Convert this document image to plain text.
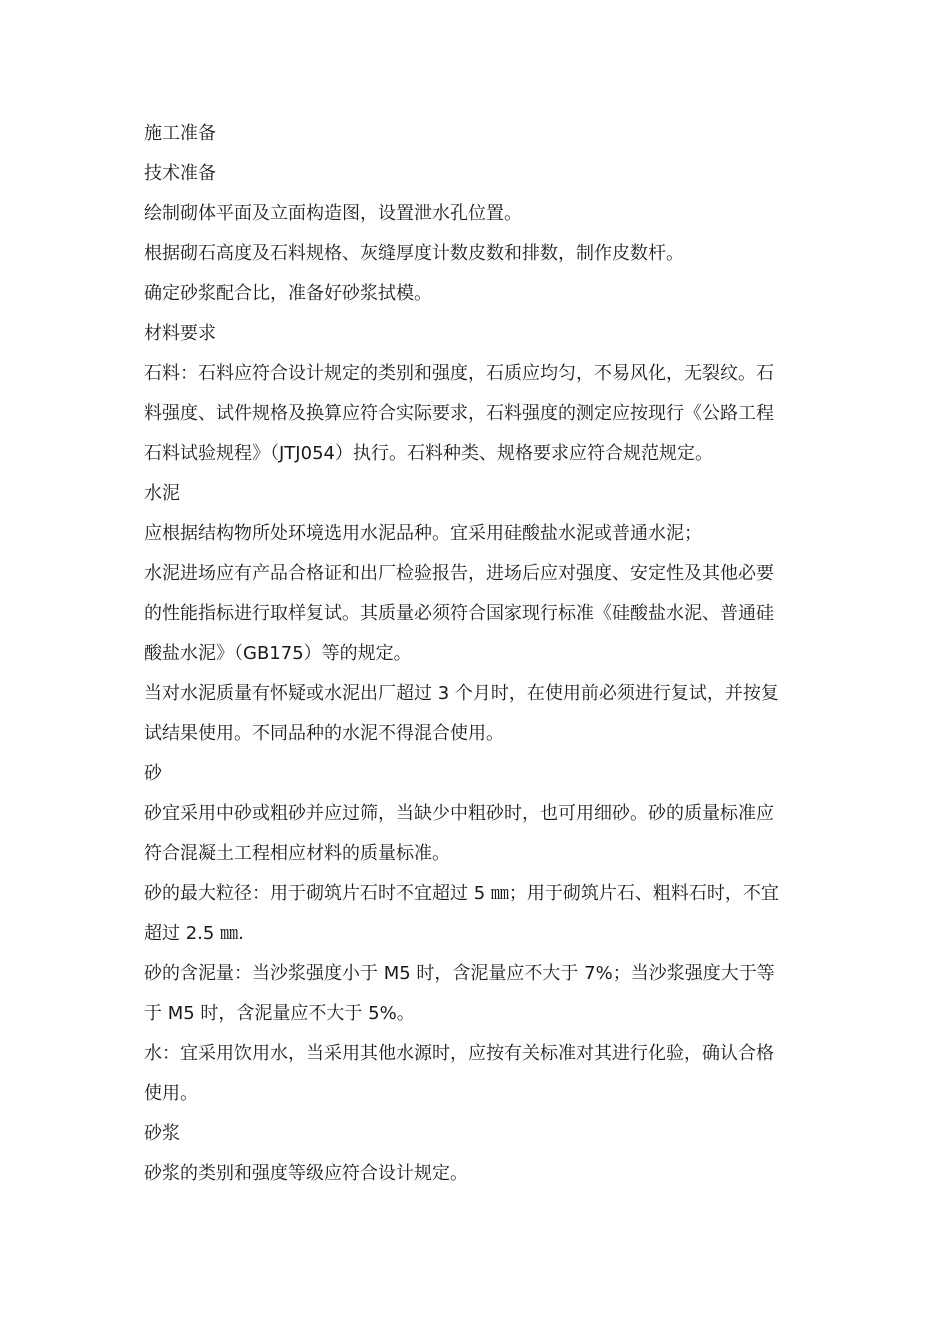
施工准备
技术准备
绘制砌体平面及立面构造图，设置泄水孔位置。
根据砌石高度及石料规格、灰缝厚度计数皮数和排数，制作皮数杆。
确定砂浆配合比，准备好砂浆拭模。
材料要求
石料：石料应符合设计规定的类别和强度，石质应均匀，不易风化，无裂纹。石
料强度、试件规格及换算应符合实际要求，石料强度的测定应按现行《公路工程
石料试验规程》（JTJ054）执行。石料种类、规格要求应符合规范规定。
水泥
应根据结构物所处环境选用水泥品种。宜采用硅酸盐水泥或普通水泥；
水泥进场应有产品合格证和出厂检验报告，进场后应对强度、安定性及其他必要
的性能指标进行取样复试。其质量必须符合国家现行标准《硅酸盐水泥、普通硅
酸盐水泥》（GB175）等的规定。
当对水泥质量有怀疑或水泥出厂超过 3 个月时，在使用前必须进行复试，并按复
试结果使用。不同品种的水泥不得混合使用。
砂
砂宜采用中砂或粗砂并应过筛，当缺少中粗砂时，也可用细砂。砂的质量标准应
符合混凝土工程相应材料的质量标准。
砂的最大粒径：用于砌筑片石时不宜超过 5 ㎜；用于砌筑片石、粗料石时，不宜
超过 2.5 ㎜.
砂的含泥量：当沙浆强度小于 M5 时，含泥量应不大于 7%；当沙浆强度大于等
于 M5 时，含泥量应不大于 5%。
水：宜采用饮用水，当采用其他水源时，应按有关标准对其进行化验，确认合格
使用。
砂浆
砂浆的类别和强度等级应符合设计规定。
